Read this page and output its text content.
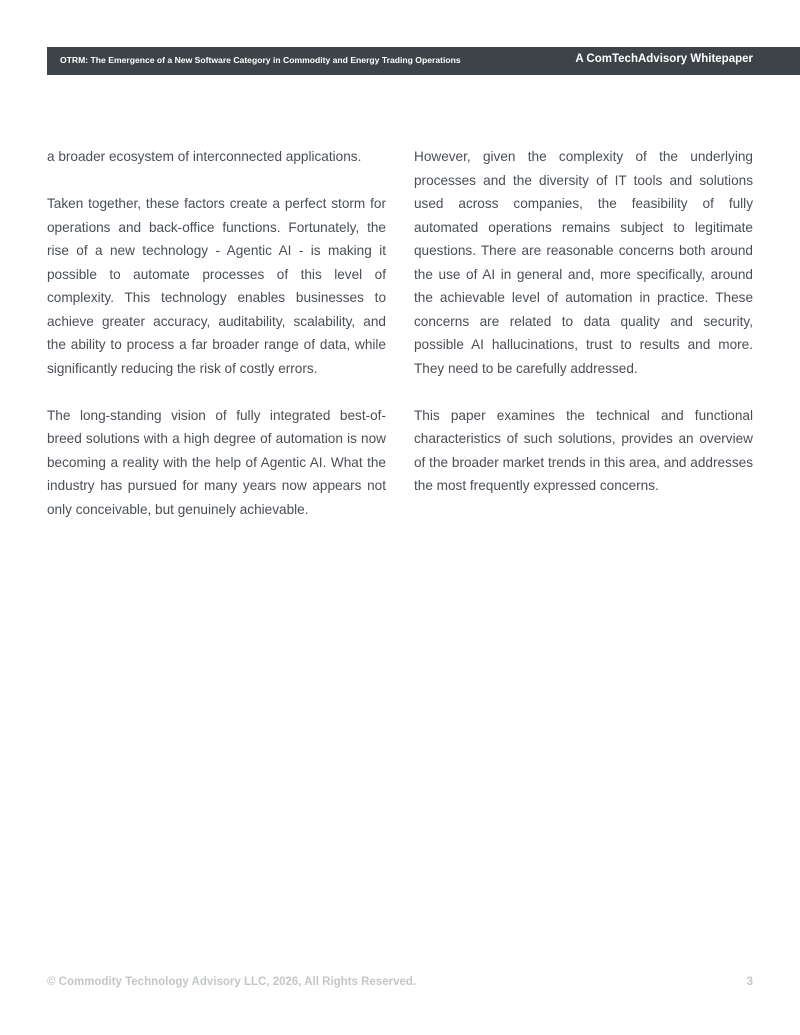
OTRM: The Emergence of a New Software Category in Commodity and Energy Trading Operations	A ComTechAdvisory Whitepaper

a broader ecosystem of interconnected applications.

Taken together, these factors create a perfect storm for operations and back-office functions. Fortunately, the rise of a new technology - Agentic AI - is making it possible to automate processes of this level of complexity. This technology enables businesses to achieve greater accuracy, auditability, scalability, and the ability to process a far broader range of data, while significantly reducing the risk of costly errors.

The long-standing vision of fully integrated best-of-breed solutions with a high degree of automation is now becoming a reality with the help of Agentic AI. What the industry has pursued for many years now appears not only conceivable, but genuinely achievable.

However, given the complexity of the underlying processes and the diversity of IT tools and solutions used across companies, the feasibility of fully automated operations remains subject to legitimate questions. There are reasonable concerns both around the use of AI in general and, more specifically, around the achievable level of automation in practice. These concerns are related to data quality and security, possible AI hallucinations, trust to results and more. They need to be carefully addressed.

This paper examines the technical and functional characteristics of such solutions, provides an overview of the broader market trends in this area, and addresses the most frequently expressed concerns.

© Commodity Technology Advisory LLC, 2026, All Rights Reserved.	3
